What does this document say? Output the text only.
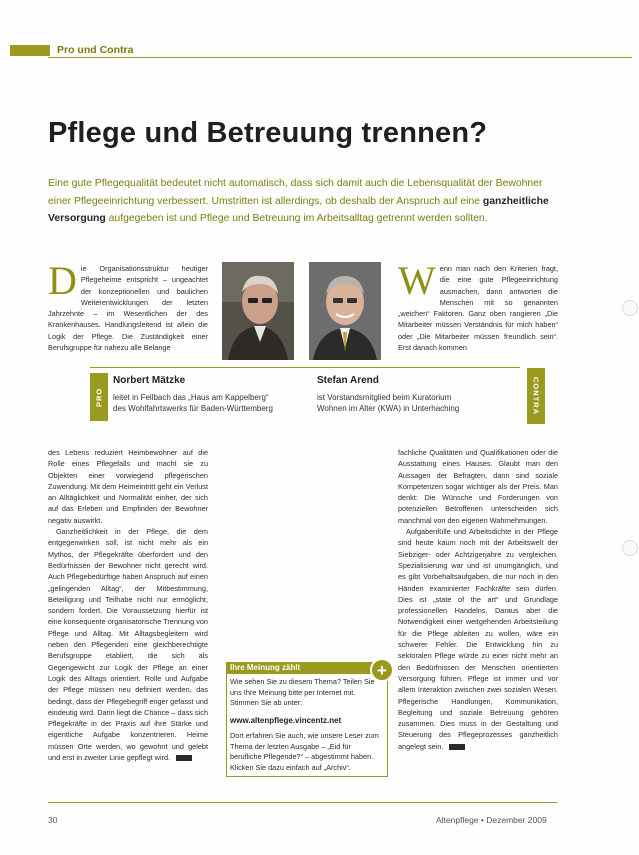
Pro und Contra
Pflege und Betreuung trennen?
Eine gute Pflegequalität bedeutet nicht automatisch, dass sich damit auch die Lebensqualität der Bewohner einer Pflegeeinrichtung verbessert. Umstritten ist allerdings, ob deshalb der Anspruch auf eine ganzheitliche Versorgung aufgegeben ist und Pflege und Betreuung im Arbeitsalltag getrennt werden sollten.
Die Organisationsstruktur heutiger Pflegeheime entspricht – ungeachtet der konzeptionellen und baulichen Weiterentwicklungen der letzten Jahrzehnte – im Wesentlichen der des Krankenhauses. Handlungsleitend ist allein die Logik der Pflege. Die Zuständigkeit einer Berufsgruppe für nahezu alle Belange
Wenn man nach den Kriterien fragt, die eine gute Pflegeeinrichtung ausmachen, dann antworten die Menschen mit so genannten „weichen“ Faktoren. Ganz oben rangieren „Die Mitarbeiter müssen Verständnis für mich haben“ oder „Die Mitarbeiter müssen freundlich sein“. Erst danach kommen
PRO
Norbert Mätzke
leitet in Fellbach das „Haus am Kappelberg“
des Wohlfahrtswerks für Baden-Württemberg
Stefan Arend
ist Vorstandsmitglied beim Kuratorium
Wohnen im Alter (KWA) in Unterhaching	CONTRA

des Lebens reduziert Heimbewohner auf die Rolle eines Pflegefalls und macht sie zu Objekten einer vorwiegend pflegerischen Zuwendung. Mit dem Heimeintritt geht ein Verlust an Alltäglichkeit und Normalität einher, der sich auf das Erleben und Empfinden der Bewohner negativ auswirkt.

Ganzheitlichkeit in der Pflege, die dem entgegenwirken soll, ist nicht mehr als ein Mythos, der Pflegekräfte überfordert und den Bedürfnissen der Bewohner nicht gerecht wird. Auch Pflegebedürftige haben Anspruch auf einen „gelingenden Alltag“, der Mitbestimmung, Beteiligung und Teilhabe nicht nur ermöglicht, sondern fordert. Die Voraussetzung hierfür ist eine konsequente organisatorische Trennung von Pflege und Alltag. Mit Alltagsbegleitern wird neben den Pflegenden eine gleichberechtigte Berufsgruppe etabliert, die sich als Gegengewicht zur Logik der Pflege an einer Logik des Alltags orientiert. Rolle und Aufgabe der Pflege müssen neu definiert werden, das bedingt, dass der Pflegebegriff enger gefasst und eindeutig wird. Darin liegt die Chance – dass sich Pflegekräfte in der Praxis auf ihre Stärke und eigentliche Aufgabe konzentrieren. Heime müssen Orte werden, wo gewohnt und gelebt und erst in zweiter Linie gepflegt wird.

fachliche Qualitäten und Qualifikationen oder die Ausstattung eines Hauses. Glaubt man den Aussagen der Befragten, dann sind soziale Kompetenzen sogar wichtiger als der Preis. Man denkt: Die Wünsche und Forderungen von potenziellen Betroffenen unterscheiden sich manchmal von den eigenen Wahrnehmungen.

Aufgabenfülle und Arbeitsdichte in der Pflege sind heute kaum noch mit der Arbeitswelt der Siebziger- oder Achtzigerjahre zu vergleichen. Spezialisierung war und ist unumgänglich, und es gibt Vorbehaltsaufgaben, die nur noch in den Händen examinierter Fachkräfte sein dürfen. Dies ist „state of the art“ und Grundlage professionellen Handelns. Daraus aber die Notwendigkeit einer weitgehenden Arbeitsteilung für die Pflege ableiten zu wollen, wäre ein schwerer Fehler. Die Entwicklung hin zu sektoralen Pflege würde zu einer nicht mehr an den Bedürfnissen der Menschen orientierten Versorgung führen. Pflege ist immer und vor allem Interaktion zwischen zwei sozialen Wesen. Pflegerische Handlungen, Kommunikation, Begleitung und soziale Betreuung gehören zusammen. Dies muss in der Gestaltung und Steuerung des Pflegeprozesses ganzheitlich angelegt sein.

Ihre Meinung zählt	+
Wie sehen Sie zu diesem Thema? Teilen Sie uns Ihre Meinung bitte per Internet mit. Stimmen Sie ab unter:
www.altenpflege.vincentz.net
Dort erfahren Sie auch, wie unsere Leser zum Thema der letzten Ausgabe – „Eid für berufliche Pflegende?“ – abgestimmt haben. Klicken Sie dazu einfach auf „Archiv“.
30	Altenpflege • Dezember 2009
